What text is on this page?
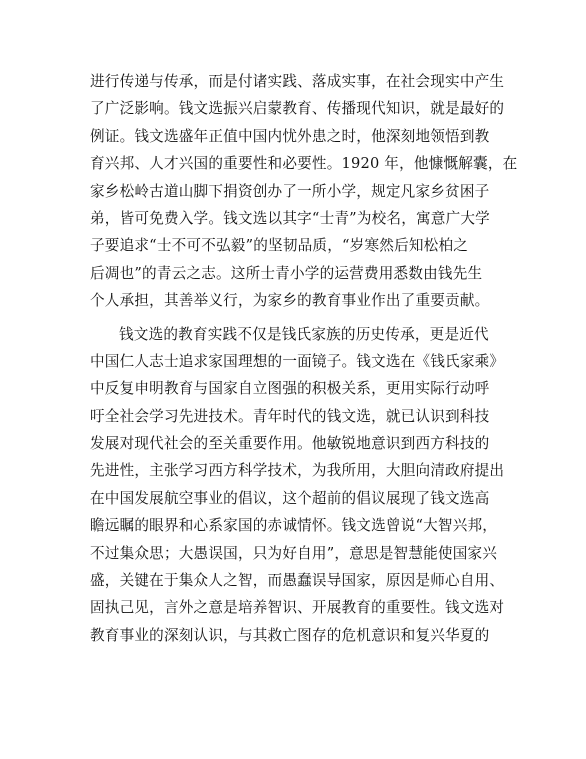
进行传递与传承，而是付诸实践、落成实事，在社会现实中产生
了广泛影响。钱文选振兴启蒙教育、传播现代知识，就是最好的
例证。钱文选盛年正值中国内忧外患之时，他深刻地领悟到教
育兴邦、人才兴国的重要性和必要性。1920 年，他慷慨解囊，在
家乡松岭古道山脚下捐资创办了一所小学，规定凡家乡贫困子
弟，皆可免费入学。钱文选以其字“士青”为校名，寓意广大学
子要追求“士不可不弘毅”的坚韧品质，“岁寒然后知松柏之
后凋也”的青云之志。这所士青小学的运营费用悉数由钱先生
个人承担，其善举义行，为家乡的教育事业作出了重要贡献。
钱文选的教育实践不仅是钱氏家族的历史传承，更是近代
中国仁人志士追求家国理想的一面镜子。钱文选在《钱氏家乘》
中反复申明教育与国家自立图强的积极关系，更用实际行动呼
吁全社会学习先进技术。青年时代的钱文选，就已认识到科技
发展对现代社会的至关重要作用。他敏锐地意识到西方科技的
先进性，主张学习西方科学技术，为我所用，大胆向清政府提出
在中国发展航空事业的倡议，这个超前的倡议展现了钱文选高
瞻远瞩的眼界和心系家国的赤诚情怀。钱文选曾说“大智兴邦，
不过集众思；大愚误国，只为好自用”，意思是智慧能使国家兴
盛，关键在于集众人之智，而愚蠢误导国家，原因是师心自用、
固执己见，言外之意是培养智识、开展教育的重要性。钱文选对
教育事业的深刻认识，与其救亡图存的危机意识和复兴华夏的
